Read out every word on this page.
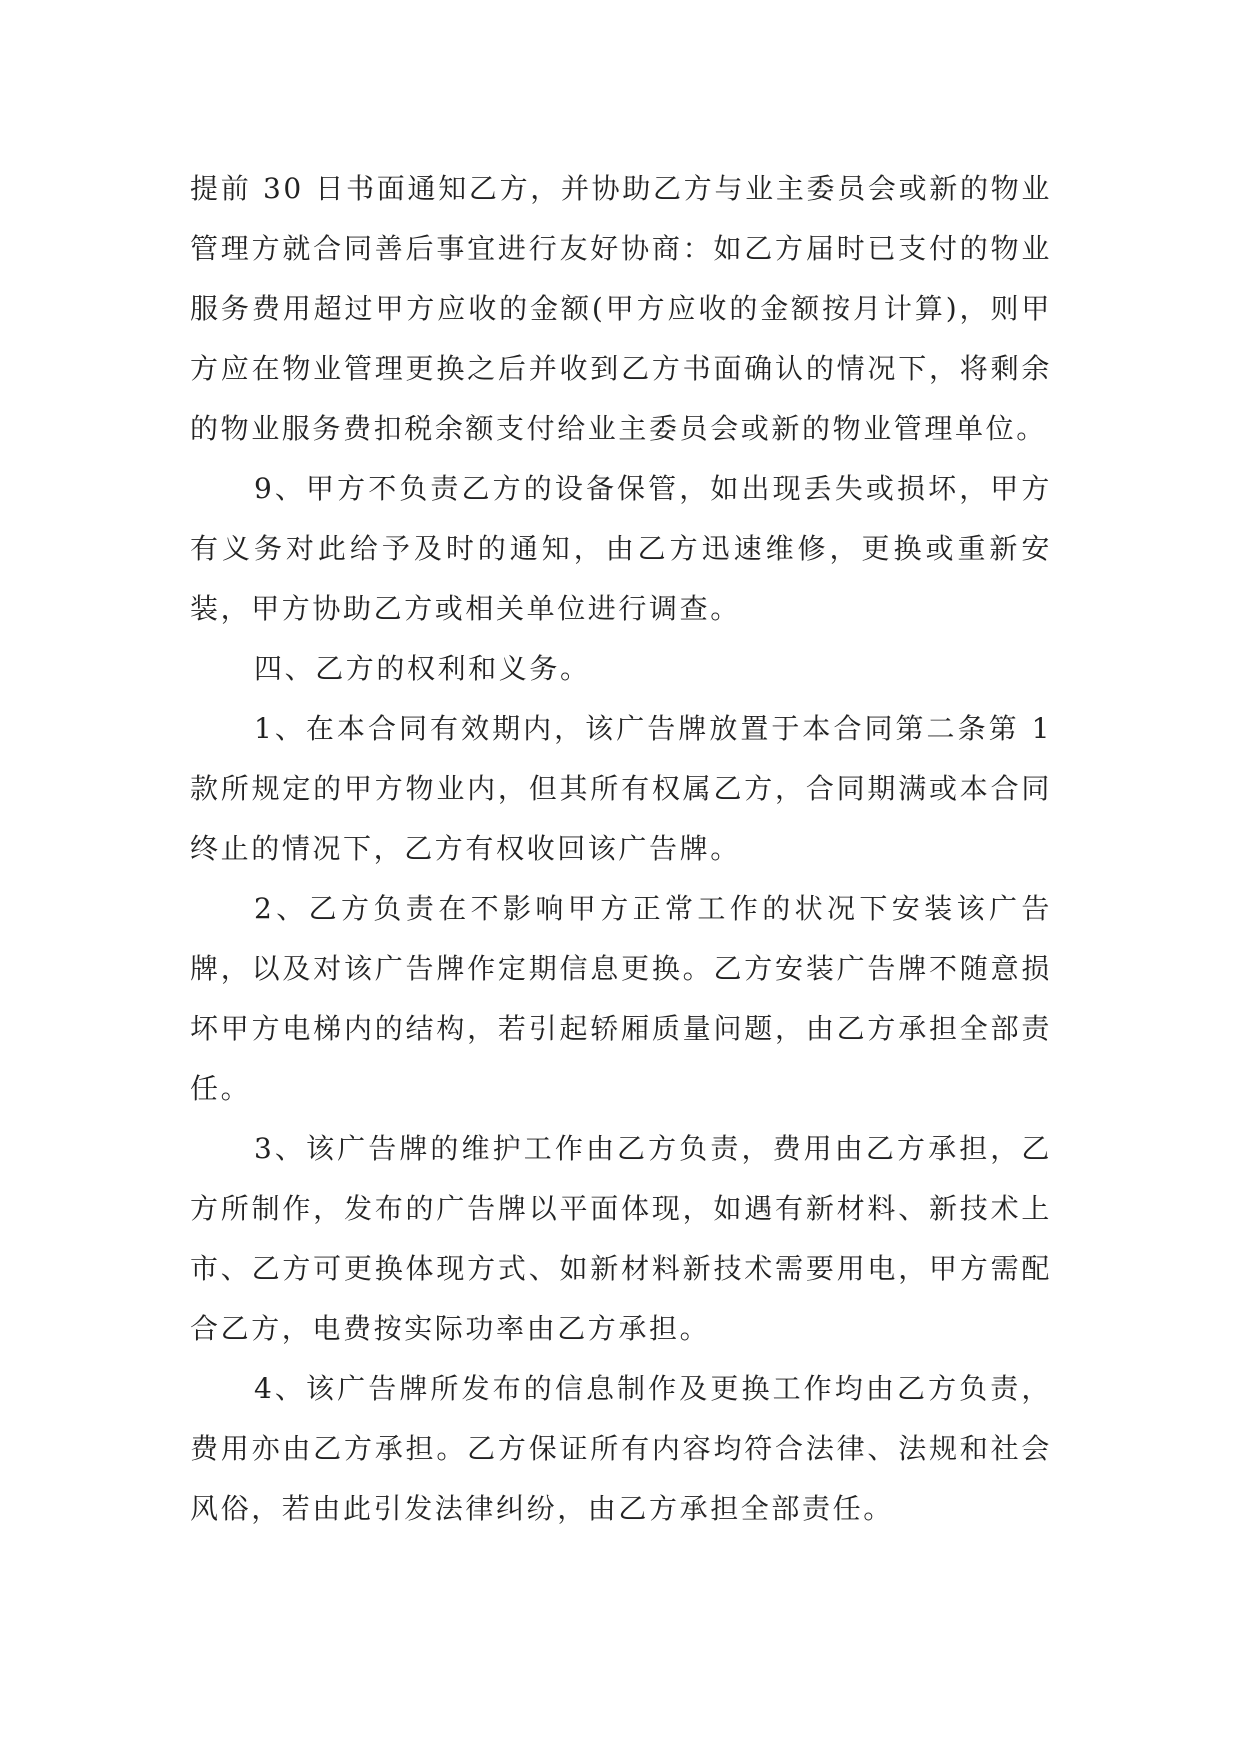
提前 30 日书面通知乙方，并协助乙方与业主委员会或新的物业管理方就合同善后事宜进行友好协商：如乙方届时已支付的物业服务费用超过甲方应收的金额(甲方应收的金额按月计算)，则甲方应在物业管理更换之后并收到乙方书面确认的情况下，将剩余的物业服务费扣税余额支付给业主委员会或新的物业管理单位。

9、甲方不负责乙方的设备保管，如出现丢失或损坏，甲方有义务对此给予及时的通知，由乙方迅速维修，更换或重新安装，甲方协助乙方或相关单位进行调查。

四、乙方的权利和义务。

1、在本合同有效期内，该广告牌放置于本合同第二条第 1 款所规定的甲方物业内，但其所有权属乙方，合同期满或本合同终止的情况下，乙方有权收回该广告牌。

2、乙方负责在不影响甲方正常工作的状况下安装该广告牌，以及对该广告牌作定期信息更换。乙方安装广告牌不随意损坏甲方电梯内的结构，若引起轿厢质量问题，由乙方承担全部责任。

3、该广告牌的维护工作由乙方负责，费用由乙方承担，乙方所制作，发布的广告牌以平面体现，如遇有新材料、新技术上市、乙方可更换体现方式、如新材料新技术需要用电，甲方需配合乙方，电费按实际功率由乙方承担。

4、该广告牌所发布的信息制作及更换工作均由乙方负责，费用亦由乙方承担。乙方保证所有内容均符合法律、法规和社会风俗，若由此引发法律纠纷，由乙方承担全部责任。
